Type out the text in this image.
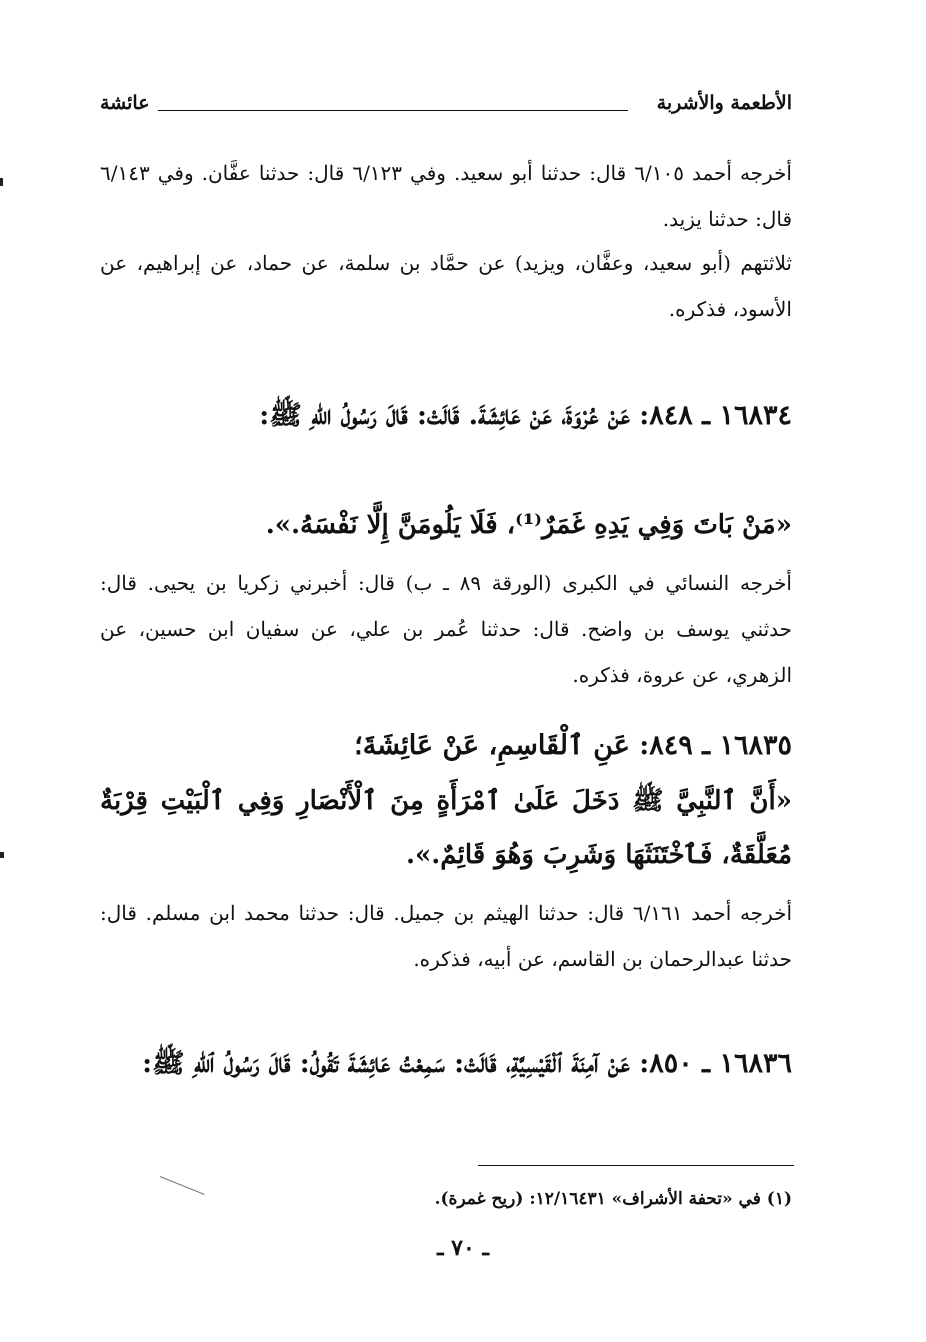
عائشة	الأطعمة والأشربة
أخرجه أحمد ٦/١٠٥ قال: حدثنا أبو سعيد. وفي ٦/١٢٣ قال: حدثنا عفَّان. وفي ٦/١٤٣ قال: حدثنا يزيد.
ثلاثتهم (أبو سعيد، وعفَّان، ويزيد) عن حمَّاد بن سلمة، عن حماد، عن إبراهيم، عن الأسود، فذكره.
١٦٨٣٤ ـ ٨٤٨: عَنْ عُرْوَةَ، عَنْ عَائِشَةَ. قَالَتْ: قَالَ رَسُولُ اللهِ ﷺ:
«مَنْ بَاتَ وَفِي يَدِهِ غَمَرٌ⁽¹⁾، فَلَا يَلُومَنَّ إِلَّا نَفْسَهُ.».
أخرجه النسائي في الكبرى (الورقة ٨٩ ـ ب) قال: أخبرني زكريا بن يحيى. قال: حدثني يوسف بن واضح. قال: حدثنا عُمر بن علي، عن سفيان ابن حسين، عن الزهري، عن عروة، فذكره.
١٦٨٣٥ ـ ٨٤٩: عَنِ ٱلْقَاسِمِ، عَنْ عَائِشَةَ؛
«أَنَّ ٱلنَّبِيَّ ﷺ دَخَلَ عَلَىٰ ٱمْرَأَةٍ مِنَ ٱلْأَنْصَارِ وَفِي ٱلْبَيْتِ قِرْبَةٌ مُعَلَّقَةٌ، فَٱخْتَنَثَهَا وَشَرِبَ وَهُوَ قَائِمٌ.».
أخرجه أحمد ٦/١٦١ قال: حدثنا الهيثم بن جميل. قال: حدثنا محمد ابن مسلم. قال: حدثنا عبدالرحمان بن القاسم، عن أبيه، فذكره.
١٦٨٣٦ ـ ٨٥٠: عَنْ آمِنَةَ ٱلْقَيْسِيَّةِ، قَالَتْ: سَمِعْتُ عَائِشَةَ تَقُولُ: قَالَ رَسُولُ ٱللهِ ﷺ:
(١) في «تحفة الأشراف» ١٢/١٦٤٣١: (ريح غمرة).
ـ ٧٠ ـ
